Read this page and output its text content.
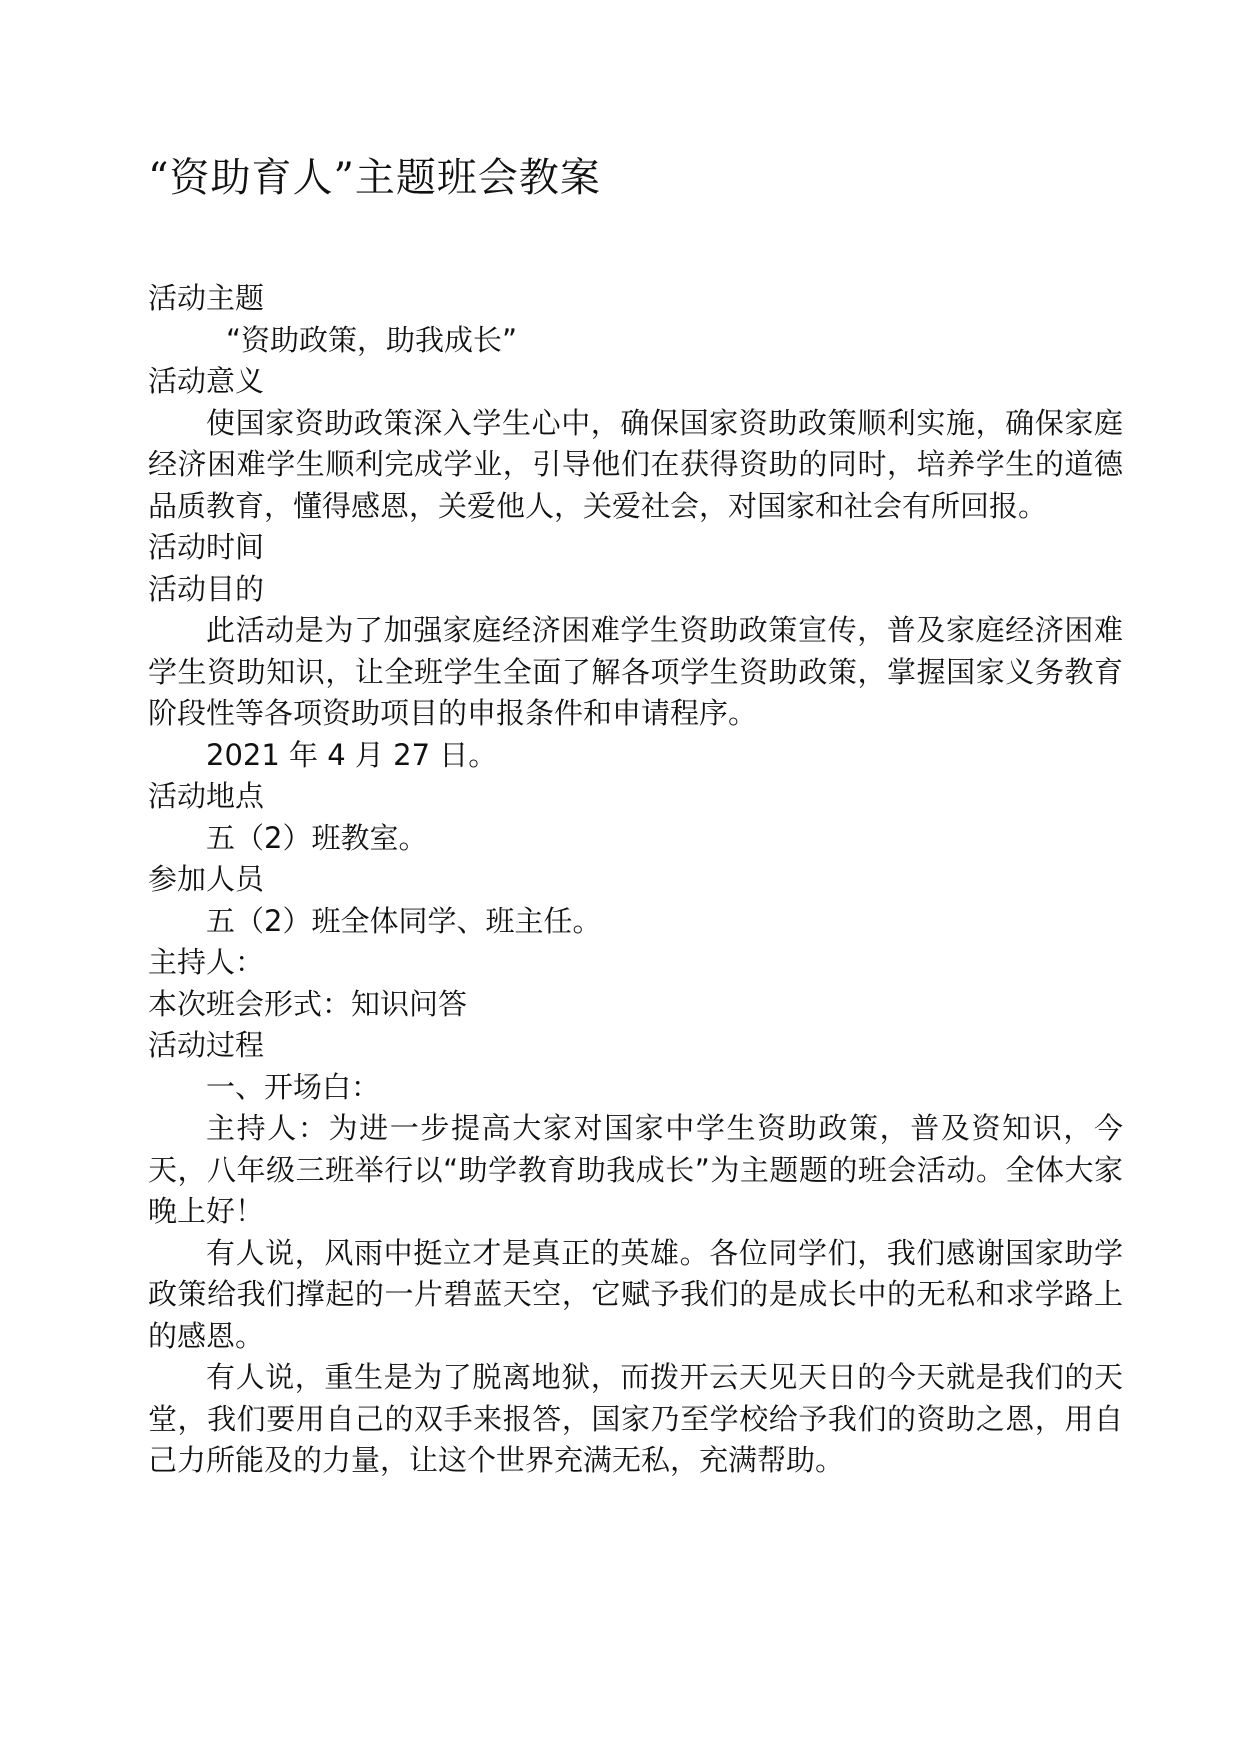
“资助育人”主题班会教案

活动主题

“资助政策，助我成长”

活动意义

使国家资助政策深入学生心中，确保国家资助政策顺利实施，确保家庭经济困难学生顺利完成学业，引导他们在获得资助的同时，培养学生的道德品质教育，懂得感恩，关爱他人，关爱社会，对国家和社会有所回报。

活动时间

活动目的

此活动是为了加强家庭经济困难学生资助政策宣传，普及家庭经济困难学生资助知识，让全班学生全面了解各项学生资助政策，掌握国家义务教育阶段性等各项资助项目的申报条件和申请程序。

2021 年 4 月 27 日。

活动地点

五（2）班教室。

参加人员

五（2）班全体同学、班主任。

主持人：

本次班会形式：知识问答

活动过程

一、开场白：

主持人：为进一步提高大家对国家中学生资助政策，普及资知识，今天，八年级三班举行以“助学教育助我成长”为主题题的班会活动。全体大家晚上好！

有人说，风雨中挺立才是真正的英雄。各位同学们，我们感谢国家助学政策给我们撑起的一片碧蓝天空，它赋予我们的是成长中的无私和求学路上的感恩。

有人说，重生是为了脱离地狱，而拨开云天见天日的今天就是我们的天堂，我们要用自己的双手来报答，国家乃至学校给予我们的资助之恩，用自己力所能及的力量，让这个世界充满无私，充满帮助。
